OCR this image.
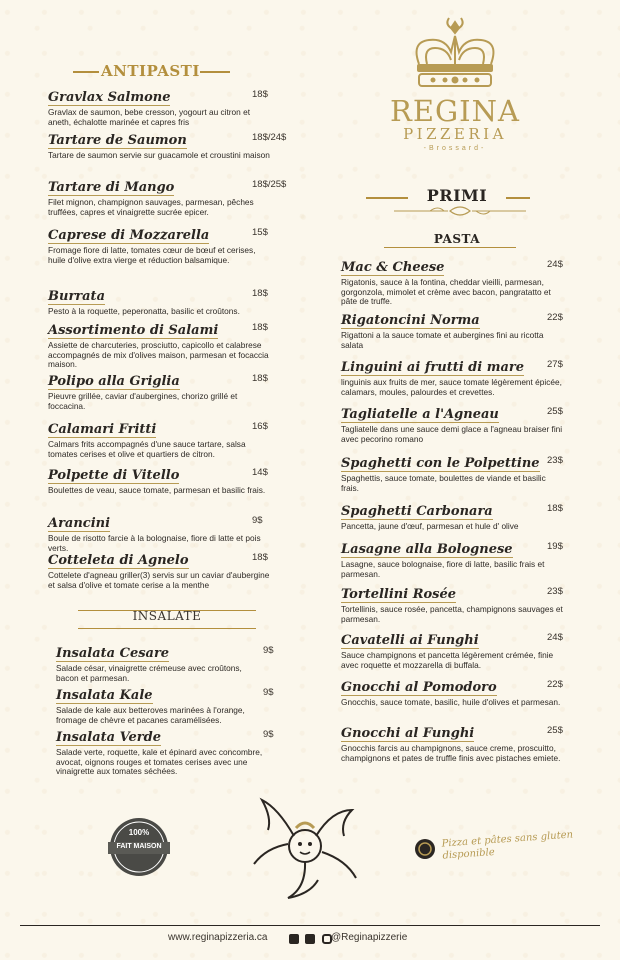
ANTIPASTI
Gravlax Salmone	18$
Gravlax de saumon, bebe cresson, yogourt au citron et aneth, échalotte marinée et capres fris
Tartare de Saumon	18$/24$
Tartare de saumon servie sur guacamole et croustini maison
Tartare di Mango	18$/25$
Filet mignon, champignon sauvages, parmesan, pêches truffées, capres et vinaigrette sucrée epicer.
Caprese di Mozzarella	15$
Fromage fiore di latte, tomates cœur de bœuf et cerises, huile d'olive extra vierge et réduction balsamique.
Burrata	18$
Pesto à la roquette, peperonatta, basilic et croûtons.
Assortimento di Salami	18$
Assiette de charcuteries, prosciutto, capicollo et calabrese accompagnés de mix d'olives maison, parmesan et focaccia maison.
Polipo alla Griglia	18$
Pieuvre grillée, caviar d'aubergines, chorizo grillé et foccacina.
Calamari Fritti	16$
Calmars frits accompagnés d'une sauce tartare, salsa tomates cerises et olive et quartiers de citron.
Polpette di Vitello	14$
Boulettes de veau, sauce tomate, parmesan et basilic frais.
Arancini	9$
Boule de risotto farcie à la bolognaise, fiore di latte et pois verts.
Cotteleta di Agnelo	18$
Cottelete d'agneau griller(3) servis sur un caviar d'aubergine et salsa d'olive et tomate cerise a la menthe
INSALATE
Insalata Cesare	9$
Salade césar, vinaigrette crémeuse avec croûtons, bacon et parmesan.
Insalata Kale	9$
Salade de kale aux betteroves marinées à l'orange, fromage de chèvre et pacanes caramélisées.
Insalata Verde	9$
Salade verte, roquette, kale et épinard avec concombre, avocat, oignons rouges et tomates cerises avec une vinaigrette aux tomates séchées.
REGINA
PIZZERIA
-Brossard-
PRIMI
PASTA
Mac & Cheese	24$
Rigatonis, sauce à la fontina, cheddar vieilli, parmesan, gorgonzola, mimolet et crème avec bacon, pangratatto et pâte de truffe.
Rigatoncini Norma	22$
Rigattoni a la sauce tomate et aubergines fini au ricotta salata
Linguini ai frutti di mare 27$
linguinis aux fruits de mer, sauce tomate légèrement épicée, calamars, moules, palourdes et crevettes.
Tagliatelle a l'Agneau	25$
Tagliatelle dans une sauce demi glace a l'agneau braiser fini avec pecorino romano
Spaghetti con le Polpettine 23$
Spaghettis, sauce tomate, boulettes de viande et basilic frais.
Spaghetti Carbonara	18$
Pancetta, jaune d'œuf, parmesan et hule d' olive
Lasagne alla Bolognese	19$
Lasagne, sauce bolognaise, fiore di latte, basilic frais et parmesan.
Tortellini Rosée	23$
Tortellinis, sauce rosée, pancetta, champignons sauvages et parmesan.
Cavatelli ai Funghi	24$
Sauce champignons et pancetta légèrement crémée, finie avec roquette et mozzarella di buffala.
Gnocchi al Pomodoro	22$
Gnocchis, sauce tomate, basilic, huile d'olives et parmesan.
Gnocchi al Funghi	25$
Gnocchis farcis au champignons, sauce creme, proscuitto, champignons et pates de truffle finis avec pistaches emiete.
100%
FAIT MAISON	Pizza et pâtes sans gluten disponible
www.reginapizzeria.ca
	@Reginapizzerie
